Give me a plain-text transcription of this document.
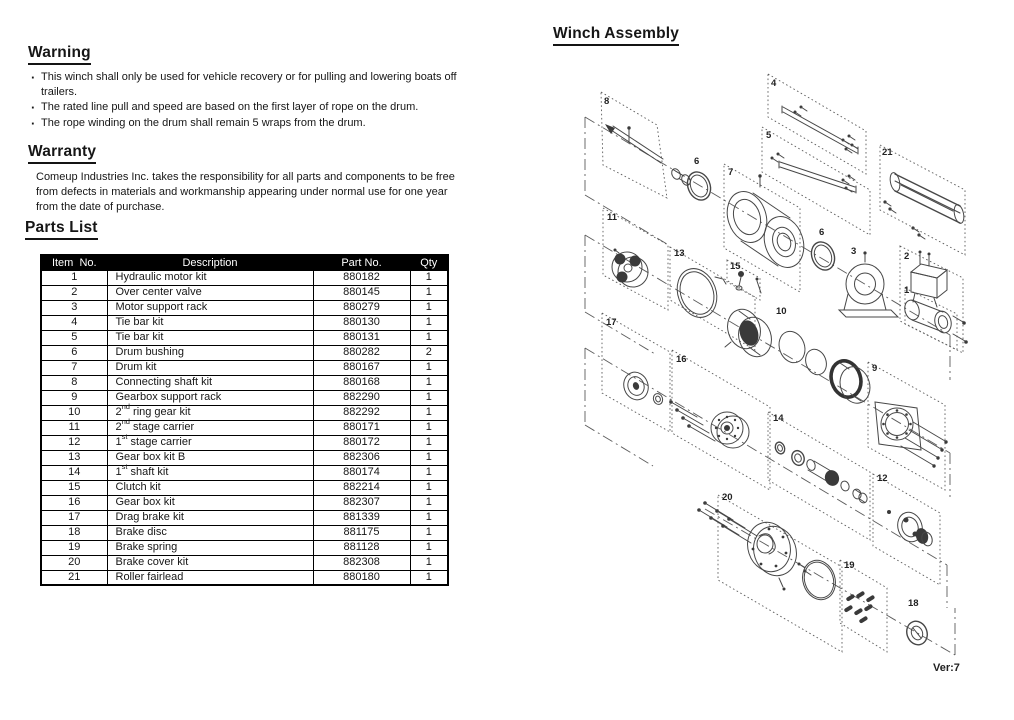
Warning
· This winch shall only be used for vehicle recovery or for pulling and lowering boats off trailers.
· The rated line pull and speed are based on the first layer of rope on the drum.
· The rope winding on the drum shall remain 5 wraps from the drum.
Warranty

Comeup Industries Inc. takes the responsibility for all parts and components to be free from defects in materials and workmanship appearing under normal use for one year from the date of purchase.

Parts List
Item  No.	Description	Part No.	Qty
1	Hydraulic motor kit	880182	1
2	Over center valve	880145	1
3	Motor support rack	880279	1
4	Tie bar kit	880130	1
5	Tie bar kit	880131	1
6	Drum bushing	880282	2
7	Drum kit	880167	1
8	Connecting shaft kit	880168	1
9	Gearbox support rack	882290	1
10	2nd ring gear kit	882292	1
11	2nd stage carrier	880171	1
12	1st stage carrier	880172	1
13	Gear box kit B	882306	1
14	1st shaft kit	880174	1
15	Clutch kit	882214	1
16	Gear box kit	882307	1
17	Drag brake kit	881339	1
18	Brake disc	881175	1
19	Brake spring	881128	1
20	Brake cover kit	882308	1
21	Roller fairlead	880180	1
Winch Assembly
Ver:7
8
4
5
21
6
7
11
13
15
6
3	2
1
10
17
16
9
14
12
20
19
18
